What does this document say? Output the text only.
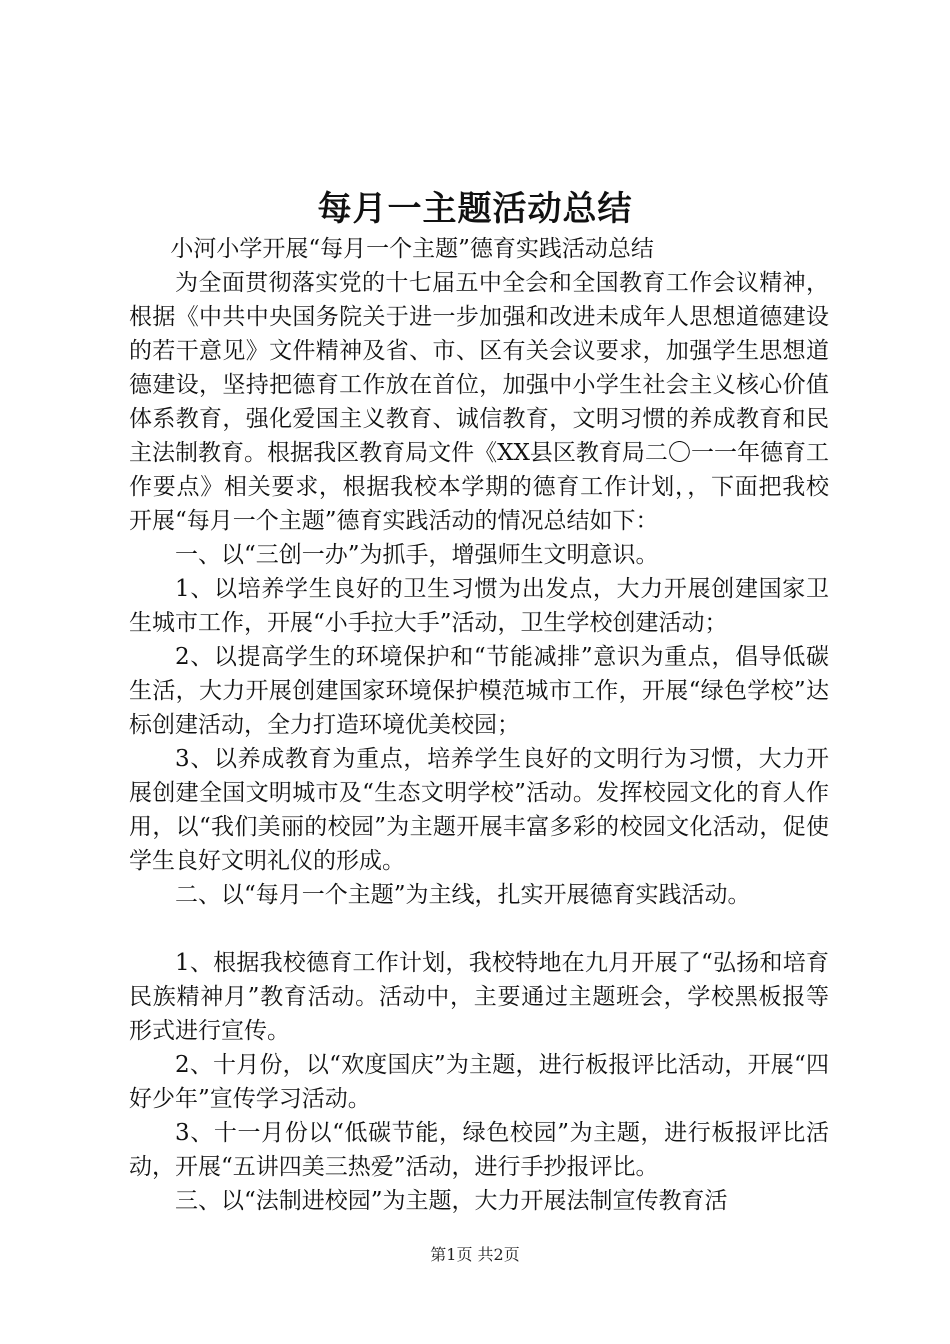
每月一主题活动总结

小河小学开展“每月一个主题”德育实践活动总结

为全面贯彻落实党的十七届五中全会和全国教育工作会议精神，根据《中共中央国务院关于进一步加强和改进未成年人思想道德建设的若干意见》文件精神及省、市、区有关会议要求，加强学生思想道德建设，坚持把德育工作放在首位，加强中小学生社会主义核心价值体系教育，强化爱国主义教育、诚信教育，文明习惯的养成教育和民主法制教育。根据我区教育局文件《XX县区教育局二〇一一年德育工作要点》相关要求，根据我校本学期的德育工作计划，，下面把我校开展“每月一个主题”德育实践活动的情况总结如下：

一、以“三创一办”为抓手，增强师生文明意识。

1、以培养学生良好的卫生习惯为出发点，大力开展创建国家卫生城市工作，开展“小手拉大手”活动，卫生学校创建活动；

2、以提高学生的环境保护和“节能减排”意识为重点，倡导低碳生活，大力开展创建国家环境保护模范城市工作，开展“绿色学校”达标创建活动，全力打造环境优美校园；

3、以养成教育为重点，培养学生良好的文明行为习惯，大力开展创建全国文明城市及“生态文明学校”活动。发挥校园文化的育人作用，以“我们美丽的校园”为主题开展丰富多彩的校园文化活动，促使学生良好文明礼仪的形成。

二、以“每月一个主题”为主线，扎实开展德育实践活动。

1、根据我校德育工作计划，我校特地在九月开展了“弘扬和培育民族精神月”教育活动。活动中，主要通过主题班会，学校黑板报等形式进行宣传。

2、十月份，以“欢度国庆”为主题，进行板报评比活动，开展“四好少年”宣传学习活动。

3、十一月份以“低碳节能，绿色校园”为主题，进行板报评比活动，开展“五讲四美三热爱”活动，进行手抄报评比。

三、以“法制进校园”为主题，大力开展法制宣传教育活

第1页 共2页
